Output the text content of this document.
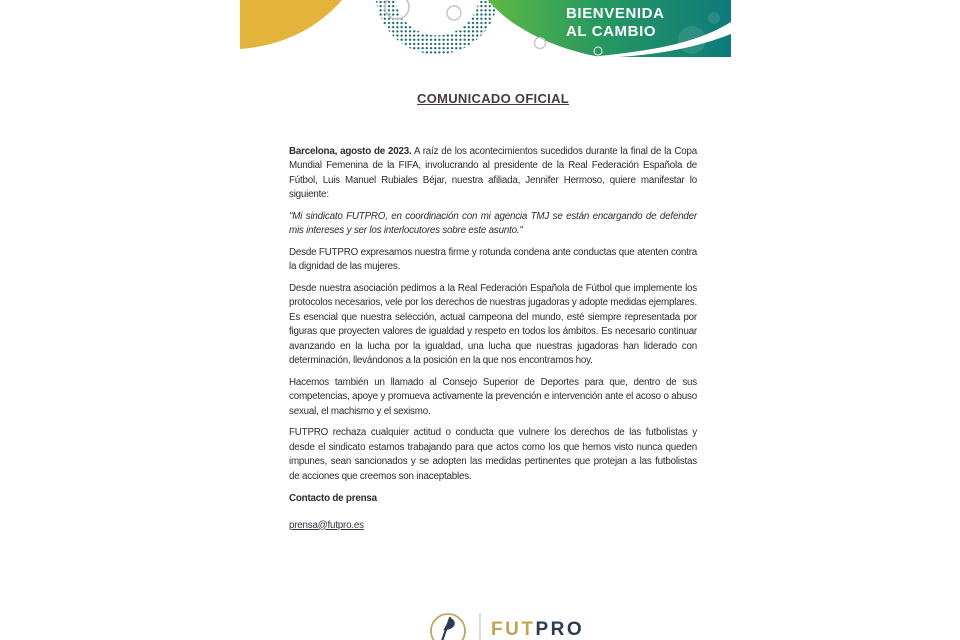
BIENVENIDA
AL CAMBIO
COMUNICADO OFICIAL

Barcelona, agosto de 2023. A raíz de los acontecimientos sucedidos durante la final de la Copa Mundial Femenina de la FIFA, involucrando al presidente de la Real Federación Española de Fútbol, Luis Manuel Rubiales Béjar, nuestra afiliada, Jennifer Hermoso, quiere manifestar lo siguiente:

"Mi sindicato FUTPRO, en coordinación con mi agencia TMJ se están encargando de defender mis intereses y ser los interlocutores sobre este asunto."

Desde FUTPRO expresamos nuestra firme y rotunda condena ante conductas que atenten contra la dignidad de las mujeres.

Desde nuestra asociación pedimos a la Real Federación Española de Fútbol que implemente los protocolos necesarios, vele por los derechos de nuestras jugadoras y adopte medidas ejemplares. Es esencial que nuestra selección, actual campeona del mundo, esté siempre representada por figuras que proyecten valores de igualdad y respeto en todos los ámbitos. Es necesario continuar avanzando en la lucha por la igualdad, una lucha que nuestras jugadoras han liderado con determinación, llevándonos a la posición en la que nos encontramos hoy.

Hacemos también un llamado al Consejo Superior de Deportes para que, dentro de sus competencias, apoye y promueva activamente la prevención e intervención ante el acoso o abuso sexual, el machismo y el sexismo.

FUTPRO rechaza cualquier actitud o conducta que vulnere los derechos de las futbolistas y desde el sindicato estamos trabajando para que actos como los que hemos visto nunca queden impunes, sean sancionados y se adopten las medidas pertinentes que protejan a las futbolistas de acciones que creemos son inaceptables.

Contacto de prensa
prensa@futpro.es
FUTPRO
